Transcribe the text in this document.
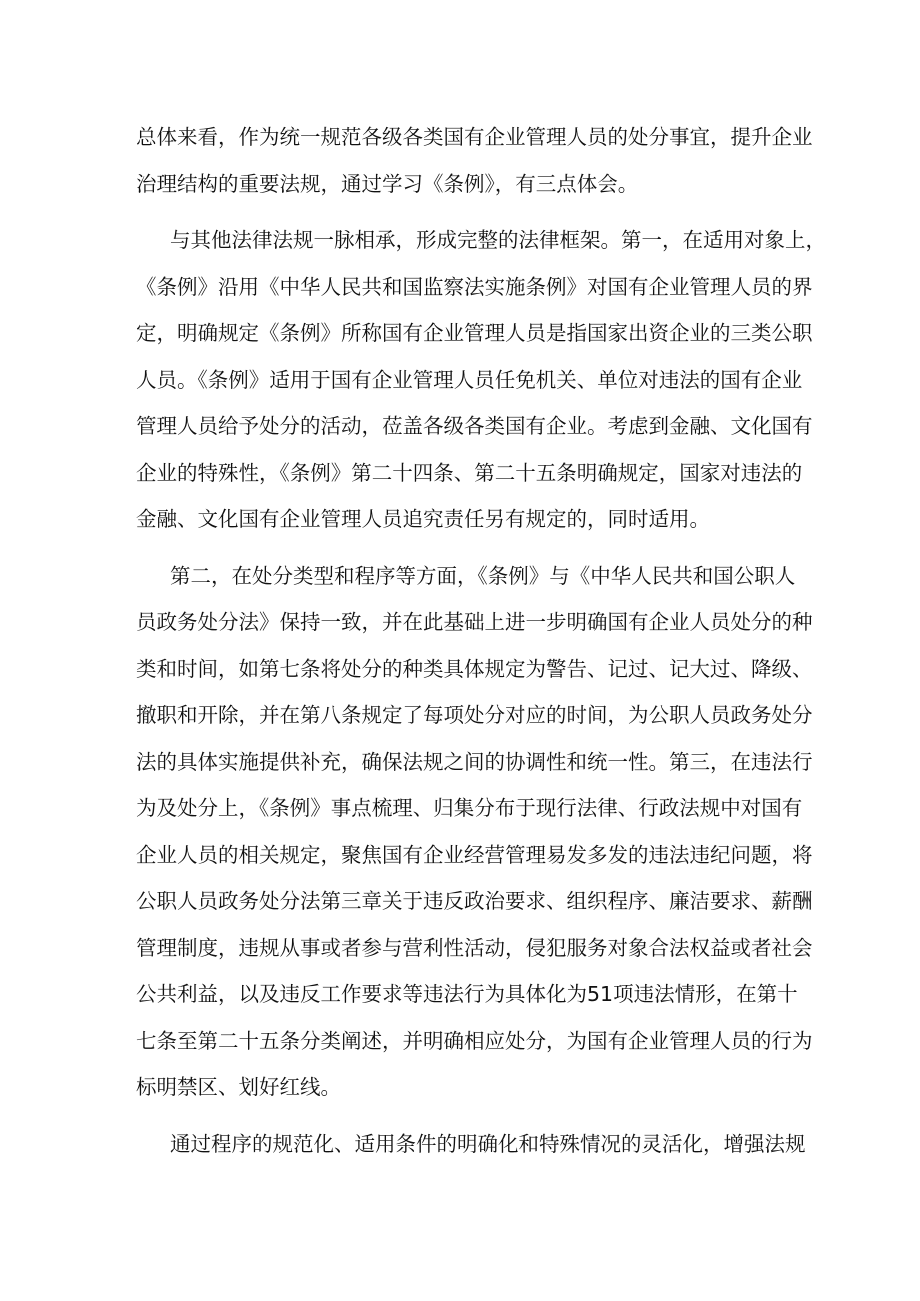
总体来看，作为统一规范各级各类国有企业管理人员的处分事宜，提升企业
治理结构的重要法规，通过学习《条例》，有三点体会。
与其他法律法规一脉相承，形成完整的法律框架。第一，在适用对象上，
《条例》沿用《中华人民共和国监察法实施条例》对国有企业管理人员的界
定，明确规定《条例》所称国有企业管理人员是指国家出资企业的三类公职
人员。《条例》适用于国有企业管理人员任免机关、单位对违法的国有企业
管理人员给予处分的活动，莅盖各级各类国有企业。考虑到金融、文化国有
企业的特殊性，《条例》第二十四条、第二十五条明确规定，国家对违法的
金融、文化国有企业管理人员追究责任另有规定的，同时适用。
第二，在处分类型和程序等方面，《条例》与《中华人民共和国公职人
员政务处分法》保持一致，并在此基础上进一步明确国有企业人员处分的种
类和时间，如第七条将处分的种类具体规定为警告、记过、记大过、降级、
撤职和开除，并在第八条规定了每项处分对应的时间，为公职人员政务处分
法的具体实施提供补充，确保法规之间的协调性和统一性。第三，在违法行
为及处分上，《条例》事点梳理、归集分布于现行法律、行政法规中对国有
企业人员的相关规定，聚焦国有企业经营管理易发多发的违法违纪问题，将
公职人员政务处分法第三章关于违反政治要求、组织程序、廉洁要求、薪酬
管理制度，违规从事或者参与营利性活动，侵犯服务对象合法权益或者社会
公共利益，以及违反工作要求等违法行为具体化为51项违法情形，在第十
七条至第二十五条分类阐述，并明确相应处分，为国有企业管理人员的行为
标明禁区、划好红线。
通过程序的规范化、适用条件的明确化和特殊情况的灵活化，增强法规
